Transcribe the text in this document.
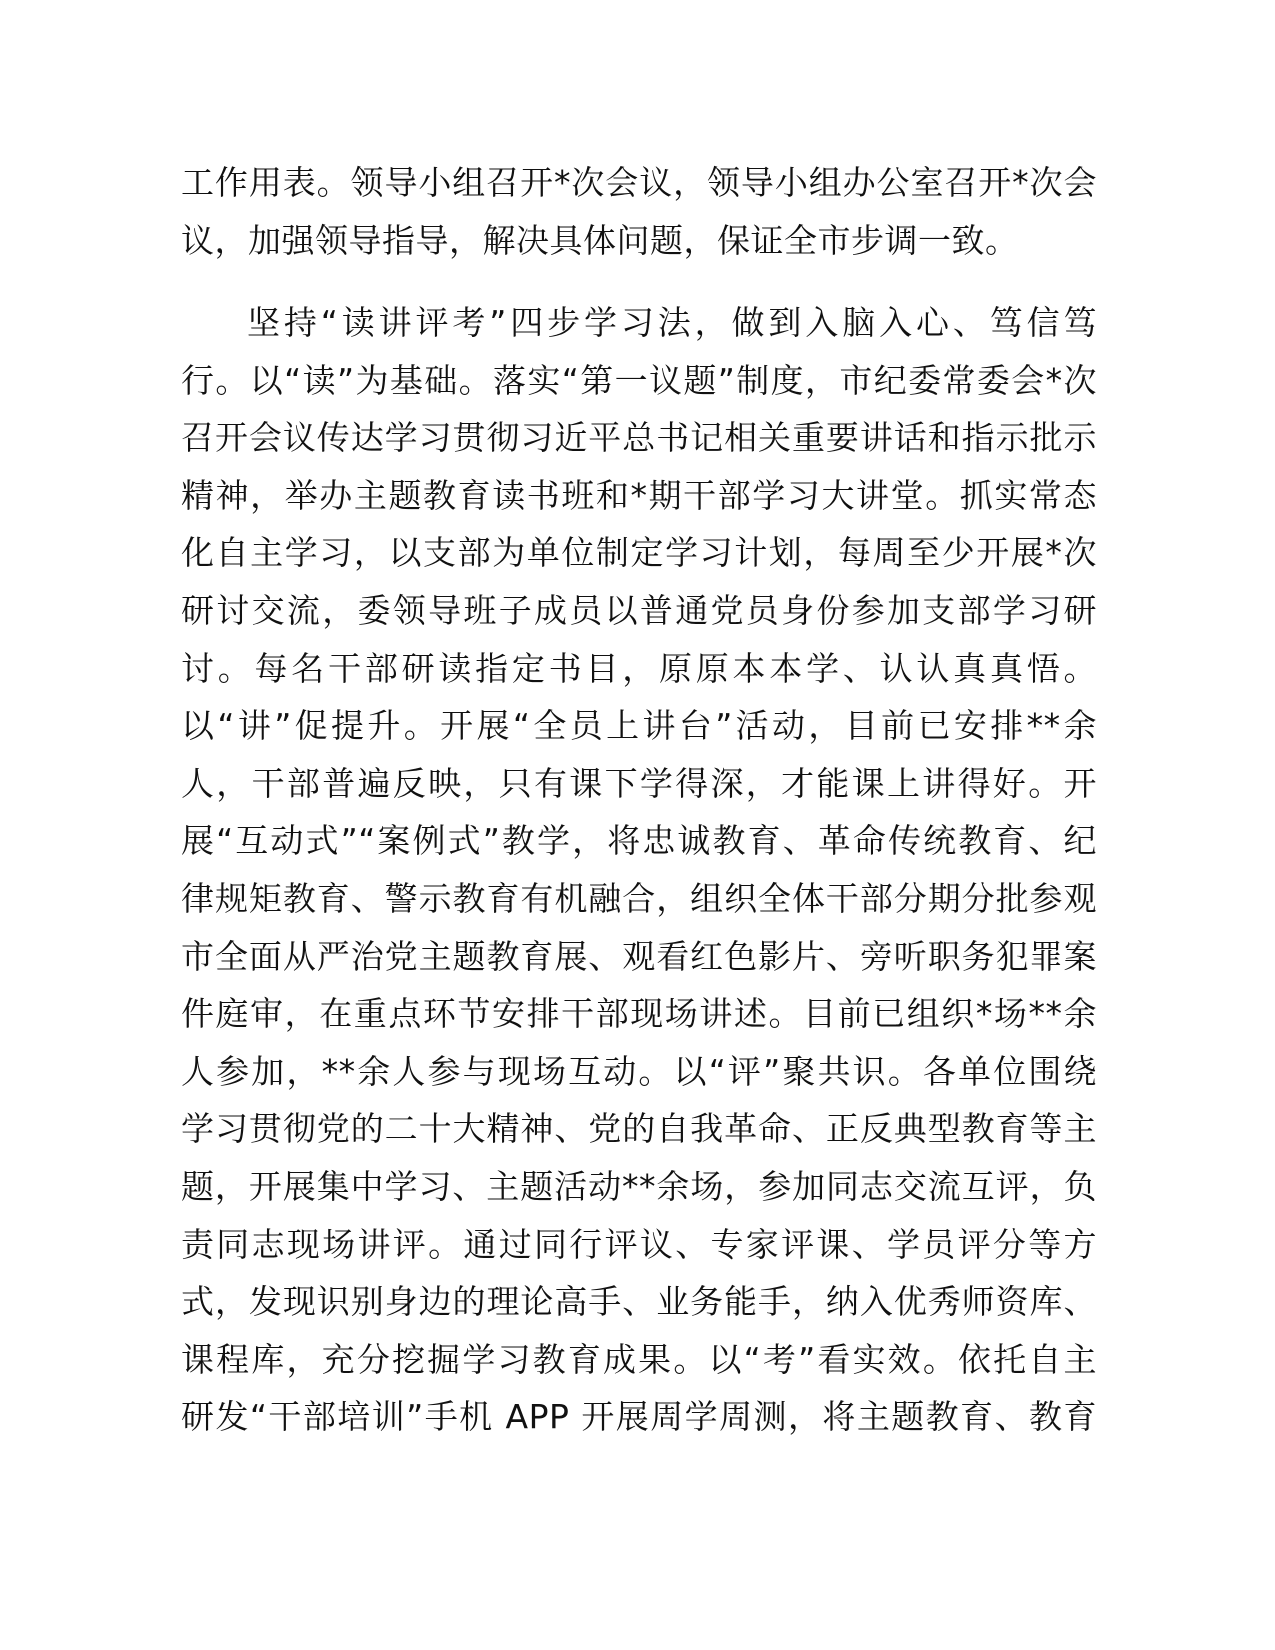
工作用表。领导小组召开*次会议，领导小组办公室召开*次会
议，加强领导指导，解决具体问题，保证全市步调一致。
坚持“读讲评考”四步学习法，做到入脑入心、笃信笃
行。以“读”为基础。落实“第一议题”制度，市纪委常委会*次
召开会议传达学习贯彻习近平总书记相关重要讲话和指示批示
精神，举办主题教育读书班和*期干部学习大讲堂。抓实常态
化自主学习，以支部为单位制定学习计划，每周至少开展*次
研讨交流，委领导班子成员以普通党员身份参加支部学习研
讨。每名干部研读指定书目，原原本本学、认认真真悟。
以“讲”促提升。开展“全员上讲台”活动，目前已安排**余
人，干部普遍反映，只有课下学得深，才能课上讲得好。开
展“互动式”“案例式”教学，将忠诚教育、革命传统教育、纪
律规矩教育、警示教育有机融合，组织全体干部分期分批参观
市全面从严治党主题教育展、观看红色影片、旁听职务犯罪案
件庭审，在重点环节安排干部现场讲述。目前已组织*场**余
人参加，**余人参与现场互动。以“评”聚共识。各单位围绕
学习贯彻党的二十大精神、党的自我革命、正反典型教育等主
题，开展集中学习、主题活动**余场，参加同志交流互评，负
责同志现场讲评。通过同行评议、专家评课、学员评分等方
式，发现识别身边的理论高手、业务能手，纳入优秀师资库、
课程库，充分挖掘学习教育成果。以“考”看实效。依托自主
研发“干部培训”手机 APP 开展周学周测，将主题教育、教育
